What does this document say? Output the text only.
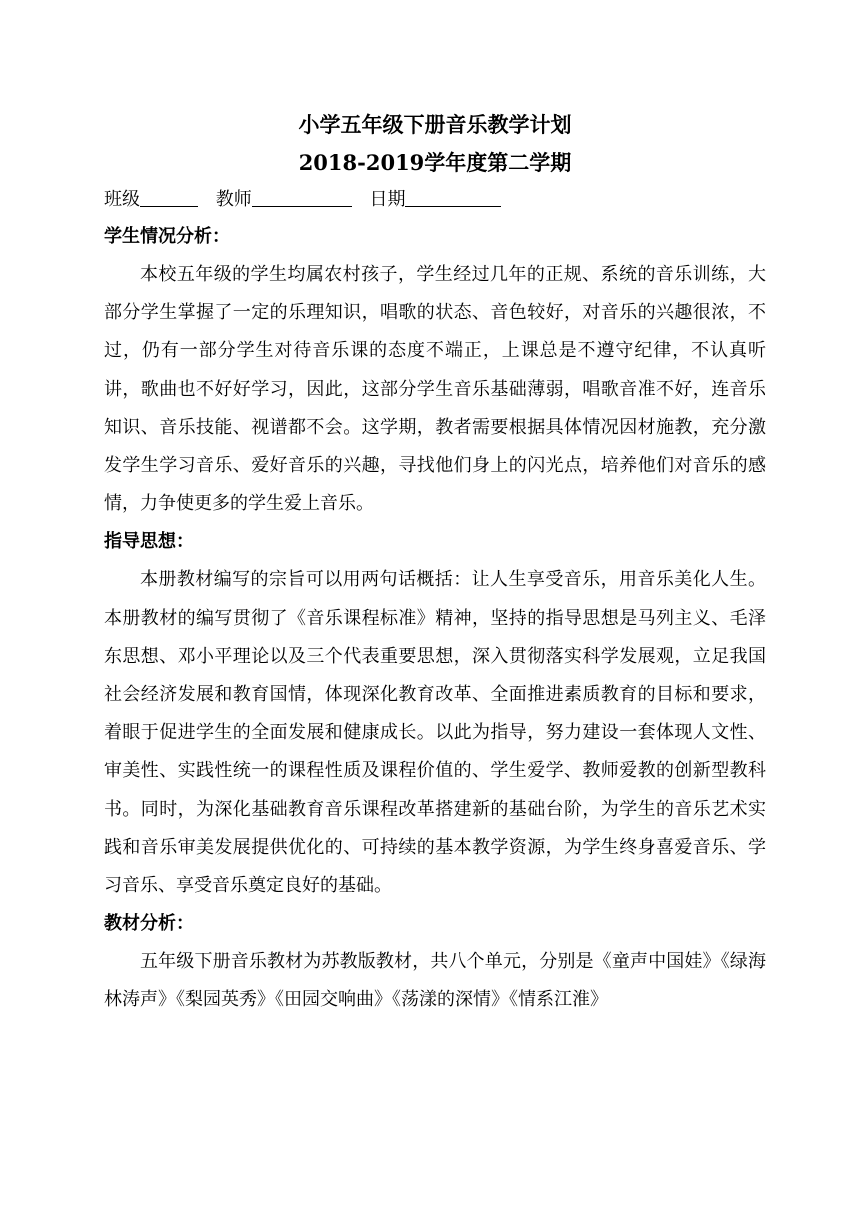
小学五年级下册音乐教学计划
2018-2019学年度第二学期
班级	教师	日期
学生情况分析：

本校五年级的学生均属农村孩子，学生经过几年的正规、系统的音乐训练，大部分学生掌握了一定的乐理知识，唱歌的状态、音色较好，对音乐的兴趣很浓，不过，仍有一部分学生对待音乐课的态度不端正，上课总是不遵守纪律，不认真听讲，歌曲也不好好学习，因此，这部分学生音乐基础薄弱，唱歌音准不好，连音乐知识、音乐技能、视谱都不会。这学期，教者需要根据具体情况因材施教，充分激发学生学习音乐、爱好音乐的兴趣，寻找他们身上的闪光点，培养他们对音乐的感情，力争使更多的学生爱上音乐。

指导思想：

本册教材编写的宗旨可以用两句话概括：让人生享受音乐，用音乐美化人生。本册教材的编写贯彻了《音乐课程标准》精神，坚持的指导思想是马列主义、毛泽东思想、邓小平理论以及三个代表重要思想，深入贯彻落实科学发展观，立足我国社会经济发展和教育国情，体现深化教育改革、全面推进素质教育的目标和要求，着眼于促进学生的全面发展和健康成长。以此为指导，努力建设一套体现人文性、审美性、实践性统一的课程性质及课程价值的、学生爱学、教师爱教的创新型教科书。同时，为深化基础教育音乐课程改革搭建新的基础台阶，为学生的音乐艺术实践和音乐审美发展提供优化的、可持续的基本教学资源，为学生终身喜爱音乐、学习音乐、享受音乐奠定良好的基础。

教材分析：

五年级下册音乐教材为苏教版教材，共八个单元，分别是《童声中国娃》《绿海林涛声》《梨园英秀》《田园交响曲》《荡漾的深情》《情系江淮》
